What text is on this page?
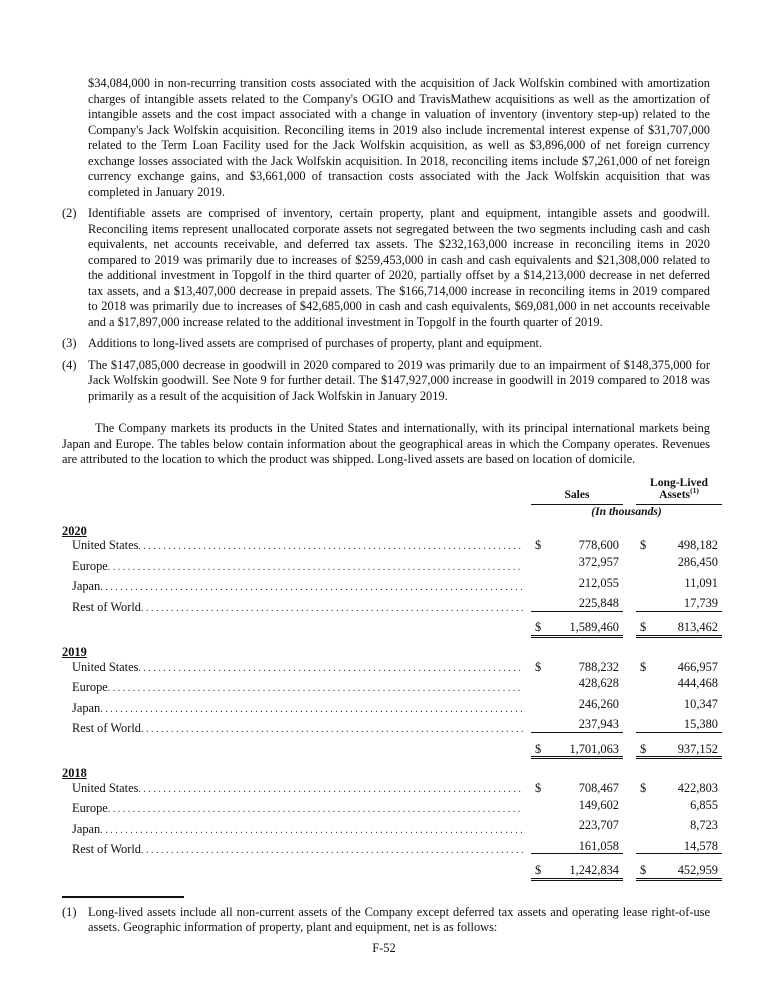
$34,084,000 in non-recurring transition costs associated with the acquisition of Jack Wolfskin combined with amortization charges of intangible assets related to the Company's OGIO and TravisMathew acquisitions as well as the amortization of intangible assets and the cost impact associated with a change in valuation of inventory (inventory step-up) related to the Company's Jack Wolfskin acquisition. Reconciling items in 2019 also include incremental interest expense of $31,707,000 related to the Term Loan Facility used for the Jack Wolfskin acquisition, as well as $3,896,000 of net foreign currency exchange losses associated with the Jack Wolfskin acquisition. In 2018, reconciling items include $7,261,000 of net foreign currency exchange gains, and $3,661,000 of transaction costs associated with the Jack Wolfskin acquisition that was completed in January 2019.
(2) Identifiable assets are comprised of inventory, certain property, plant and equipment, intangible assets and goodwill. Reconciling items represent unallocated corporate assets not segregated between the two segments including cash and cash equivalents, net accounts receivable, and deferred tax assets. The $232,163,000 increase in reconciling items in 2020 compared to 2019 was primarily due to increases of $259,453,000 in cash and cash equivalents and $21,308,000 related to the additional investment in Topgolf in the third quarter of 2020, partially offset by a $14,213,000 decrease in net deferred tax assets, and a $13,407,000 decrease in prepaid assets. The $166,714,000 increase in reconciling items in 2019 compared to 2018 was primarily due to increases of $42,685,000 in cash and cash equivalents, $69,081,000 in net accounts receivable and a $17,897,000 increase related to the additional investment in Topgolf in the fourth quarter of 2019.
(3) Additions to long-lived assets are comprised of purchases of property, plant and equipment.
(4) The $147,085,000 decrease in goodwill in 2020 compared to 2019 was primarily due to an impairment of $148,375,000 for Jack Wolfskin goodwill. See Note 9 for further detail. The $147,927,000 increase in goodwill in 2019 compared to 2018 was primarily as a result of the acquisition of Jack Wolfskin in January 2019.

The Company markets its products in the United States and internationally, with its principal international markets being Japan and Europe. The tables below contain information about the geographical areas in which the Company operates. Revenues are attributed to the location to which the product was shipped. Long-lived assets are based on location of domicile.

Sales
Long-Lived
Assets$^{(1)}$
(In thousands)
2020
United States .....	$	778,600 $	498,182
Europe .....	372,957	286,450
Japan .....	212,055	11,091
Rest of World .....	225,848	17,739
$ 1,589,460 $	813,462
2019
United States .....	$	788,232 $	466,957
Europe .....	428,628	444,468
Japan .....	246,260	10,347
Rest of World .....	237,943	15,380
$ 1,701,063 $	937,152
2018
United States .....	$	708,467 $	422,803
Europe .....	149,602	6,855
Japan .....	223,707	8,723
Rest of World .....	161,058	14,578
$ 1,242,834 $	452,959
(1) Long-lived assets include all non-current assets of the Company except deferred tax assets and operating lease right-of-use assets. Geographic information of property, plant and equipment, net is as follows:
F-52
